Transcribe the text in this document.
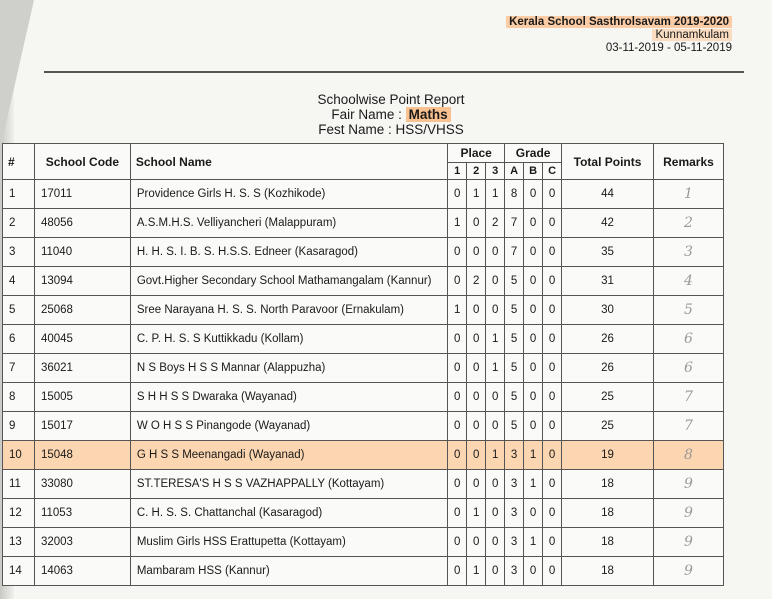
Kerala School Sasthrolsavam 2019-2020
Kunnamkulam
03-11-2019 - 05-11-2019
Schoolwise Point Report
Fair Name : Maths
Fest Name : HSS/VHSS
#	School Code	School Name	Place			Grade			Total Points	Remarks
			1	2	3	A	B	C		
1	17011	Providence Girls H. S. S (Kozhikode)	0	1	1	8	0	0	44	1
2	48056	A.S.M.H.S. Velliyancheri (Malappuram)	1	0	2	7	0	0	42	2
3	11040	H. H. S. I. B. S. H.S.S. Edneer (Kasaragod)	0	0	0	7	0	0	35	3
4	13094	Govt.Higher Secondary School Mathamangalam (Kannur)	0	2	0	5	0	0	31	4
5	25068	Sree Narayana H. S. S. North Paravoor (Ernakulam)	1	0	0	5	0	0	30	5
6	40045	C. P. H. S. S Kuttikkadu (Kollam)	0	0	1	5	0	0	26	6
7	36021	N S Boys H S S Mannar (Alappuzha)	0	0	1	5	0	0	26	6
8	15005	S H H S S Dwaraka (Wayanad)	0	0	0	5	0	0	25	7
9	15017	W O H S S Pinangode (Wayanad)	0	0	0	5	0	0	25	7
10	15048	G H S S Meenangadi (Wayanad)	0	0	1	3	1	0	19	8
11	33080	ST.TERESA'S H S S VAZHAPPALLY (Kottayam)	0	0	0	3	1	0	18	9
12	11053	C. H. S. S. Chattanchal (Kasaragod)	0	1	0	3	0	0	18	9
13	32003	Muslim Girls HSS Erattupetta (Kottayam)	0	0	0	3	1	0	18	9
14	14063	Mambaram HSS (Kannur)	0	1	0	3	0	0	18	9
